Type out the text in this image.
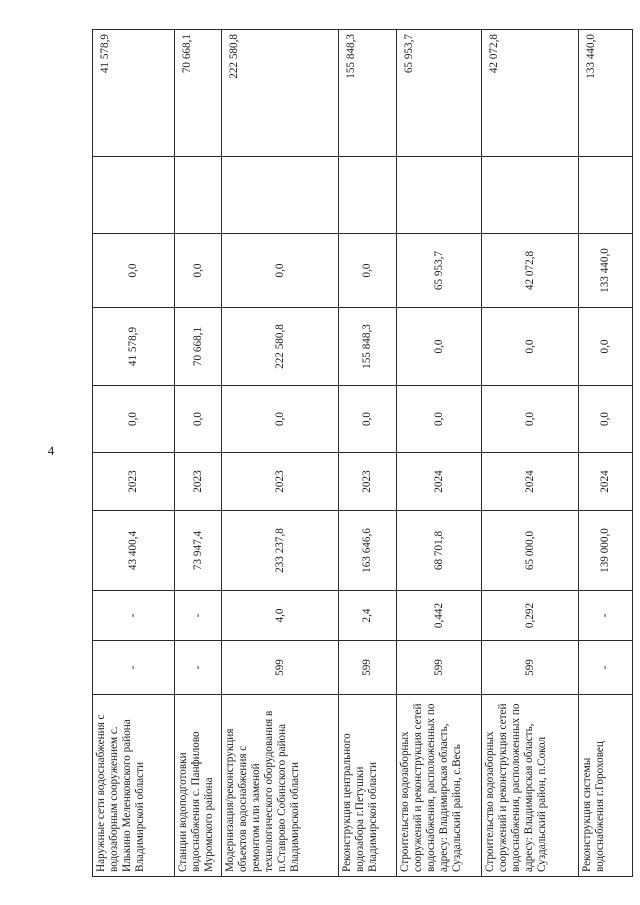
4
Наружные сети водоснабжения с водозаборным сооружением с. Илькино Меленковского района Владимирской области	-	-	43 400,4	2023	0,0	41 578,9	0,0		41 578,9
Станции водоподготовки водоснабжения с. Панфилово Муромского района	-	-	73 947,4	2023	0,0	70 668,1	0,0		70 668,1
Модернизация/реконструкция объектов водоснабжения с ремонтом или заменой технологического оборудования в п.Ставрово Собинского района Владимирской области	599	4,0	233 237,8	2023	0,0	222 580,8	0,0		222 580,8
Реконструкция центрального водозабора г.Петушки Владимирской области	599	2,4	163 646,6	2023	0,0	155 848,3	0,0		155 848,3
Строительство водозаборных сооружений и реконструкция сетей водоснабжения, расположенных по адресу: Владимирская область, Суздальский район, с.Весь	599	0,442	68 701,8	2024	0,0	0,0	65 953,7		65 953,7
Строительство водозаборных сооружений и реконструкция сетей водоснабжения, расположенных по адресу: Владимирская область, Суздальский район, п.Сокол	599	0,292	65 000,0	2024	0,0	0,0	42 072,8		42 072,8
Реконструкция системы водоснабжения г.Гороховец	-	-	139 000,0	2024	0,0	0,0	133 440,0		133 440,0
